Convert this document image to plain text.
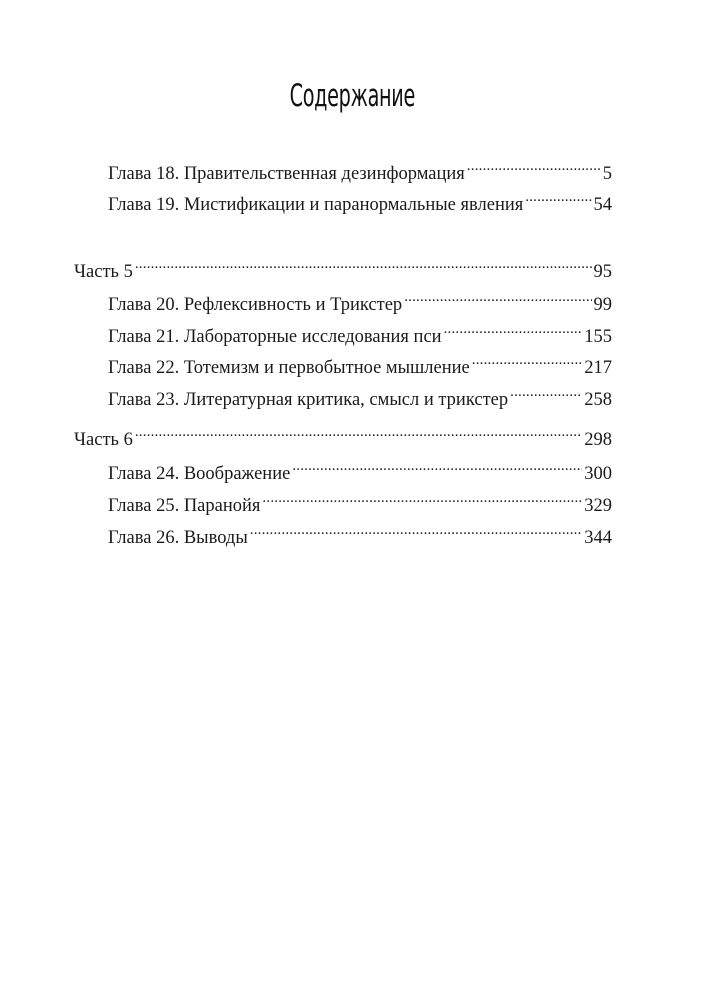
Содержание
Глава 18. Правительственная дезинформация .....	5
Глава 19. Мистификации и паранормальные явления .....	54
Часть 5 .....	95
Глава 20. Рефлексивность и Трикстер .....	99
Глава 21. Лабораторные исследования пси .....	155
Глава 22. Тотемизм и первобытное мышление .....	217
Глава 23. Литературная критика, смысл и трикстер .....	258
Часть 6 .....	298
Глава 24. Воображение .....	300
Глава 25. Паранойя .....	329
Глава 26. Выводы .....	344
